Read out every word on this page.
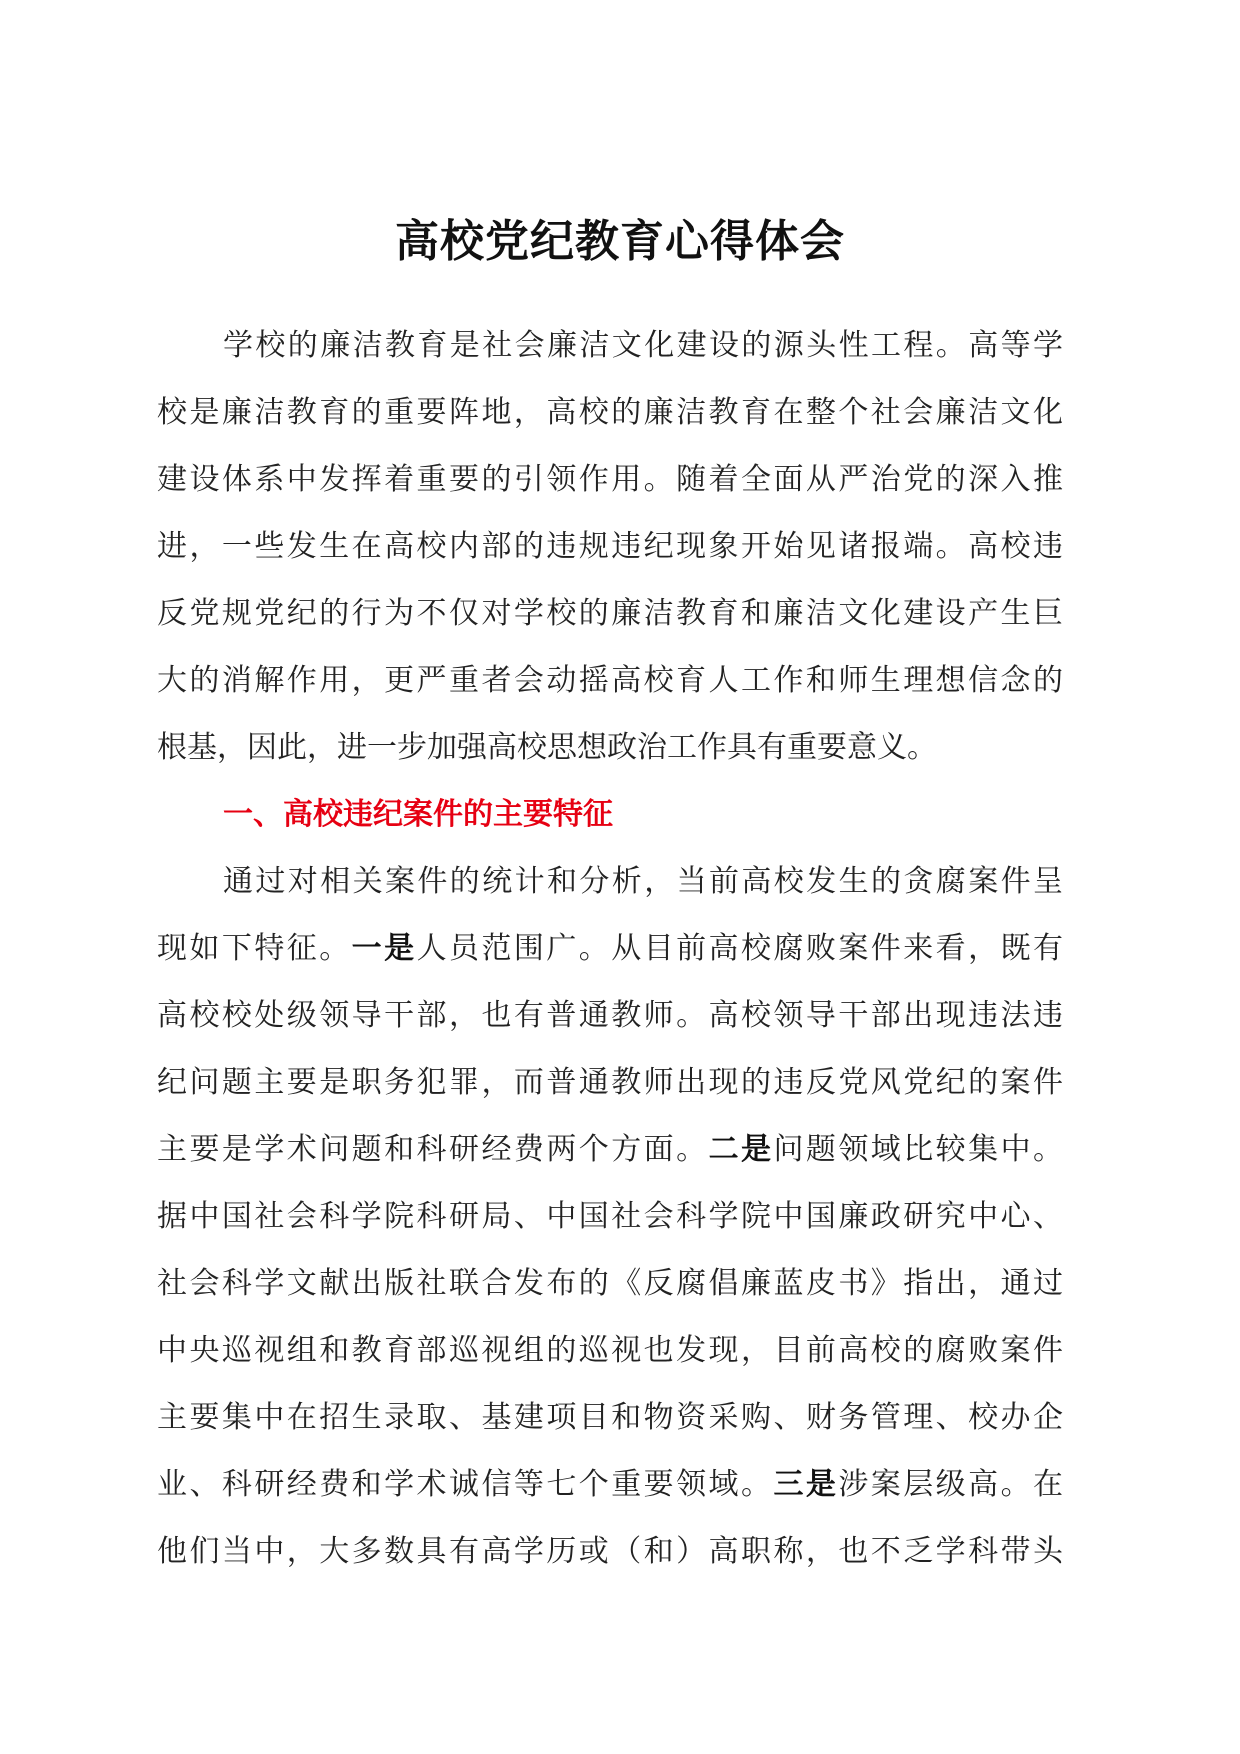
高校党纪教育心得体会
学校的廉洁教育是社会廉洁文化建设的源头性工程。高等学
校是廉洁教育的重要阵地，高校的廉洁教育在整个社会廉洁文化
建设体系中发挥着重要的引领作用。随着全面从严治党的深入推
进，一些发生在高校内部的违规违纪现象开始见诸报端。高校违
反党规党纪的行为不仅对学校的廉洁教育和廉洁文化建设产生巨
大的消解作用，更严重者会动摇高校育人工作和师生理想信念的
根基，因此，进一步加强高校思想政治工作具有重要意义。
一、高校违纪案件的主要特征
通过对相关案件的统计和分析，当前高校发生的贪腐案件呈
现如下特征。一是人员范围广。从目前高校腐败案件来看，既有
高校校处级领导干部，也有普通教师。高校领导干部出现违法违
纪问题主要是职务犯罪，而普通教师出现的违反党风党纪的案件
主要是学术问题和科研经费两个方面。二是问题领域比较集中。
据中国社会科学院科研局、中国社会科学院中国廉政研究中心、
社会科学文献出版社联合发布的《反腐倡廉蓝皮书》指出，通过
中央巡视组和教育部巡视组的巡视也发现，目前高校的腐败案件
主要集中在招生录取、基建项目和物资采购、财务管理、校办企
业、科研经费和学术诚信等七个重要领域。三是涉案层级高。在
他们当中，大多数具有高学历或（和）高职称，也不乏学科带头
